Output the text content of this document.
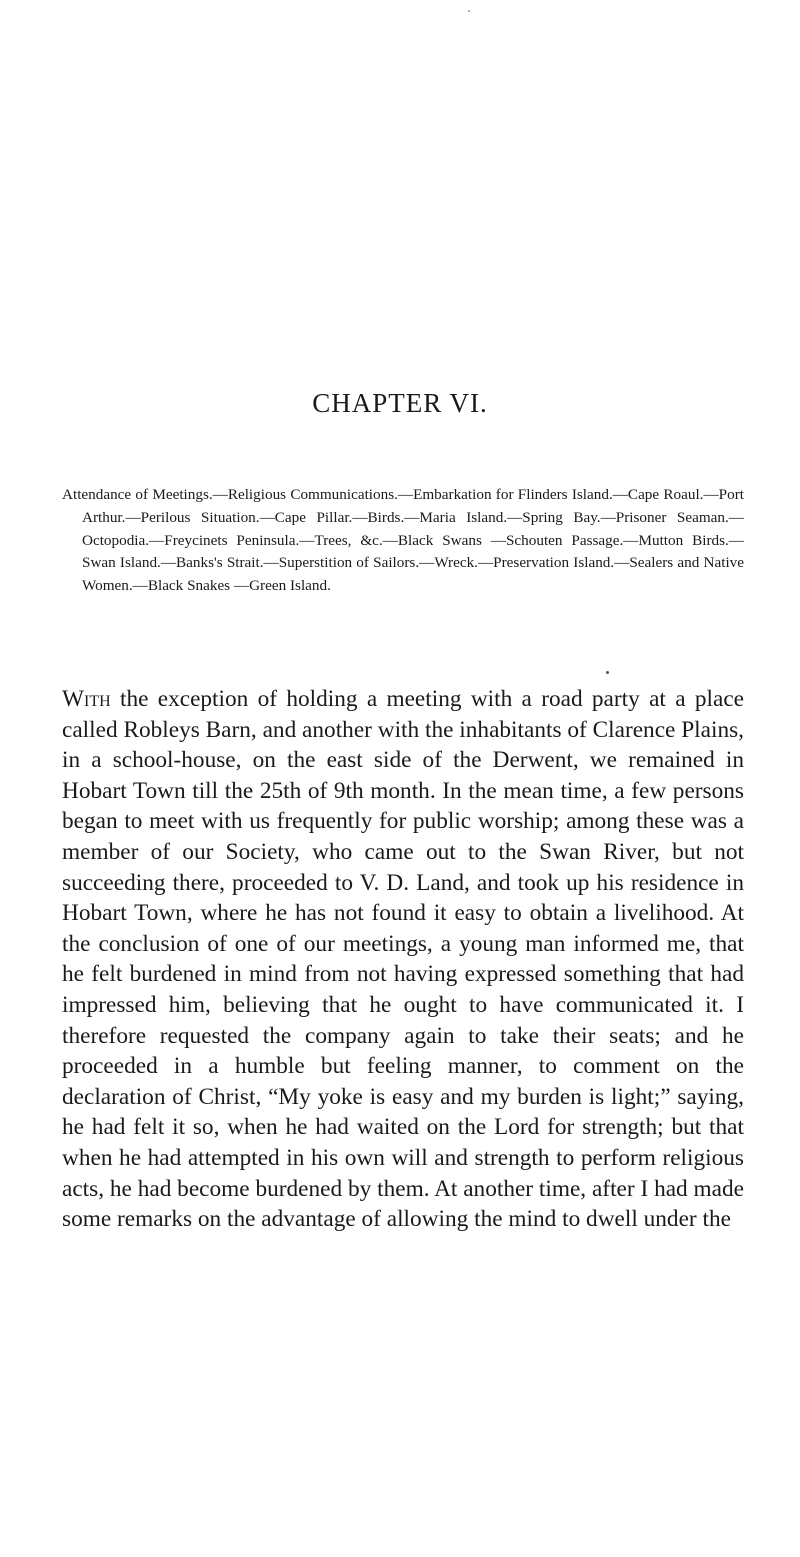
CHAPTER VI.

Attendance of Meetings.—Religious Communications.—Embarkation for Flinders Island.—Cape Roaul.—Port Arthur.—Perilous Situation.—Cape Pillar.—Birds.—Maria Island.—Spring Bay.—Prisoner Seaman.—Octopodia.—Freycinets Peninsula.—Trees, &c.—Black Swans —Schouten Passage.—Mutton Birds.—Swan Island.—Banks's Strait.—Superstition of Sailors.—Wreck.—Preservation Island.—Sealers and Native Women.—Black Snakes —Green Island.

With the exception of holding a meeting with a road party at a place called Robleys Barn, and another with the inhabitants of Clarence Plains, in a school-house, on the east side of the Derwent, we remained in Hobart Town till the 25th of 9th month. In the mean time, a few persons began to meet with us frequently for public worship; among these was a member of our Society, who came out to the Swan River, but not succeeding there, proceeded to V. D. Land, and took up his residence in Hobart Town, where he has not found it easy to obtain a livelihood. At the conclusion of one of our meetings, a young man informed me, that he felt burdened in mind from not having expressed something that had impressed him, believing that he ought to have communicated it. I therefore requested the company again to take their seats; and he proceeded in a humble but feeling manner, to comment on the declaration of Christ, “My yoke is easy and my burden is light;” saying, he had felt it so, when he had waited on the Lord for strength; but that when he had attempted in his own will and strength to perform religious acts, he had become burdened by them. At another time, after I had made some remarks on the advantage of allowing the mind to dwell under the
